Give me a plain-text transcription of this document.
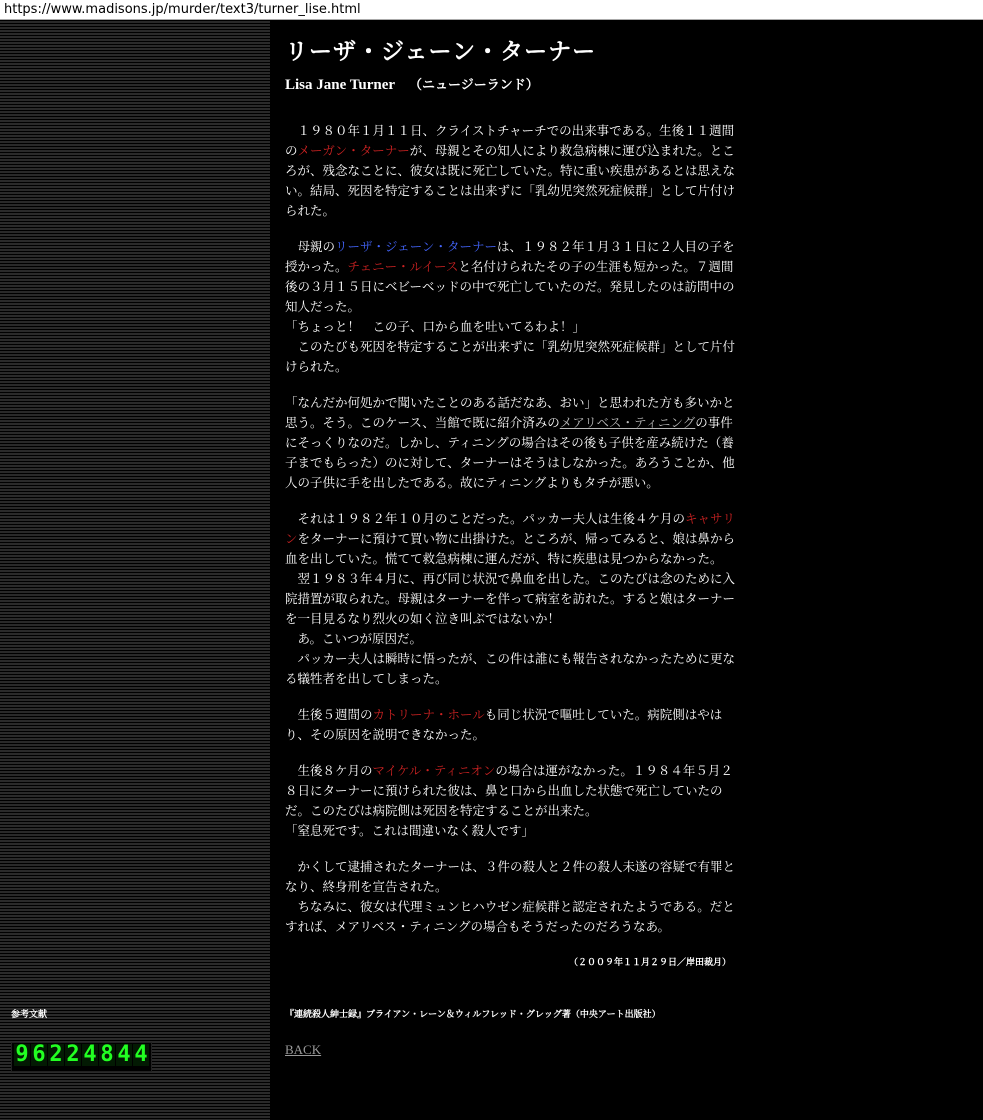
https://www.madisons.jp/murder/text3/turner_lise.html
参考文献
9 6 2 2 4 8 4 4
リーザ・ジェーン・ターナー
Lisa Jane Turner （ニュージーランド）

　１９８０年１月１１日、クライストチャーチでの出来事である。生後１１週間のメーガン・ターナーが、母親とその知人により救急病棟に運び込まれた。ところが、残念なことに、彼女は既に死亡していた。特に重い疾患があるとは思えない。結局、死因を特定することは出来ずに「乳幼児突然死症候群」として片付けられた。

　母親のリーザ・ジェーン・ターナーは、１９８２年１月３１日に２人目の子を授かった。チェニー・ルイースと名付けられたその子の生涯も短かった。７週間後の３月１５日にベビーベッドの中で死亡していたのだ。発見したのは訪問中の知人だった。
「ちょっと！　この子、口から血を吐いてるわよ！」
　このたびも死因を特定することが出来ずに「乳幼児突然死症候群」として片付けられた。

「なんだか何処かで聞いたことのある話だなあ、おい」と思われた方も多いかと思う。そう。このケース、当館で既に紹介済みのメアリベス・ティニングの事件にそっくりなのだ。しかし、ティニングの場合はその後も子供を産み続けた（養子までもらった）のに対して、ターナーはそうはしなかった。あろうことか、他人の子供に手を出したである。故にティニングよりもタチが悪い。

　それは１９８２年１０月のことだった。パッカー夫人は生後４ケ月のキャサリンをターナーに預けて買い物に出掛けた。ところが、帰ってみると、娘は鼻から血を出していた。慌てて救急病棟に運んだが、特に疾患は見つからなかった。
　翌１９８３年４月に、再び同じ状況で鼻血を出した。このたびは念のために入院措置が取られた。母親はターナーを伴って病室を訪れた。すると娘はターナーを一目見るなり烈火の如く泣き叫ぶではないか！
　あ。こいつが原因だ。
　パッカー夫人は瞬時に悟ったが、この件は誰にも報告されなかったために更なる犠牲者を出してしまった。

　生後５週間のカトリーナ・ホールも同じ状況で嘔吐していた。病院側はやはり、その原因を説明できなかった。

　生後８ケ月のマイケル・ティニオンの場合は運がなかった。１９８４年５月２８日にターナーに預けられた彼は、鼻と口から出血した状態で死亡していたのだ。このたびは病院側は死因を特定することが出来た。
「窒息死です。これは間違いなく殺人です」

　かくして逮捕されたターナーは、３件の殺人と２件の殺人未遂の容疑で有罪となり、終身刑を宣告された。
　ちなみに、彼女は代理ミュンヒハウゼン症候群と認定されたようである。だとすれば、メアリベス・ティニングの場合もそうだったのだろうなあ。

（２００９年１１月２９日／岸田裁月）
『連続殺人紳士録』ブライアン・レーン＆ウィルフレッド・グレッグ著（中央アート出版社）
BACK
